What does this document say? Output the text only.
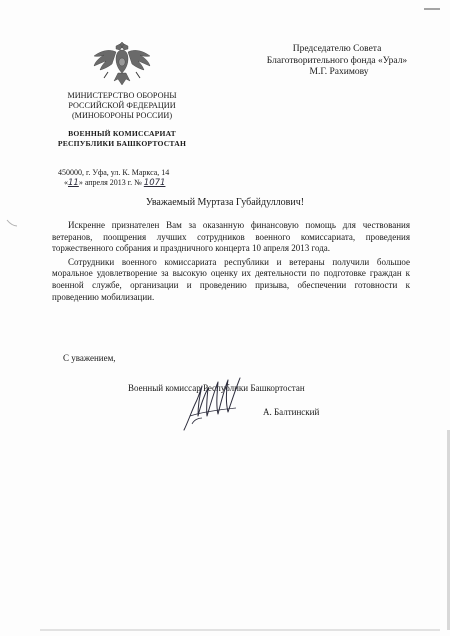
Председателю Совета
Благотворительного фонда «Урал»
М.Г. Рахимову
МИНИСТЕРСТВО ОБОРОНЫ
РОССИЙСКОЙ ФЕДЕРАЦИИ
(МИНОБОРОНЫ РОССИИ)
ВОЕННЫЙ КОМИССАРИАТ
РЕСПУБЛИКИ БАШКОРТОСТАН
450000, г. Уфа, ул. К. Маркса, 14
«11» апреля 2013 г. № 1071
Уважаемый Муртаза Губайдуллович!

Искренне признателен Вам за оказанную финансовую помощь для чествования ветеранов, поощрения лучших сотрудников военного комиссариата, проведения торжественного собрания и праздничного концерта 10 апреля 2013 года.

Сотрудники военного комиссариата республики и ветераны получили большое моральное удовлетворение за высокую оценку их деятельности по подготовке граждан к военной службе, организации и проведению призыва, обеспечении готовности к проведению мобилизации.

С уважением,
Военный комиссар Республики Башкортостан
А. Балтинский
